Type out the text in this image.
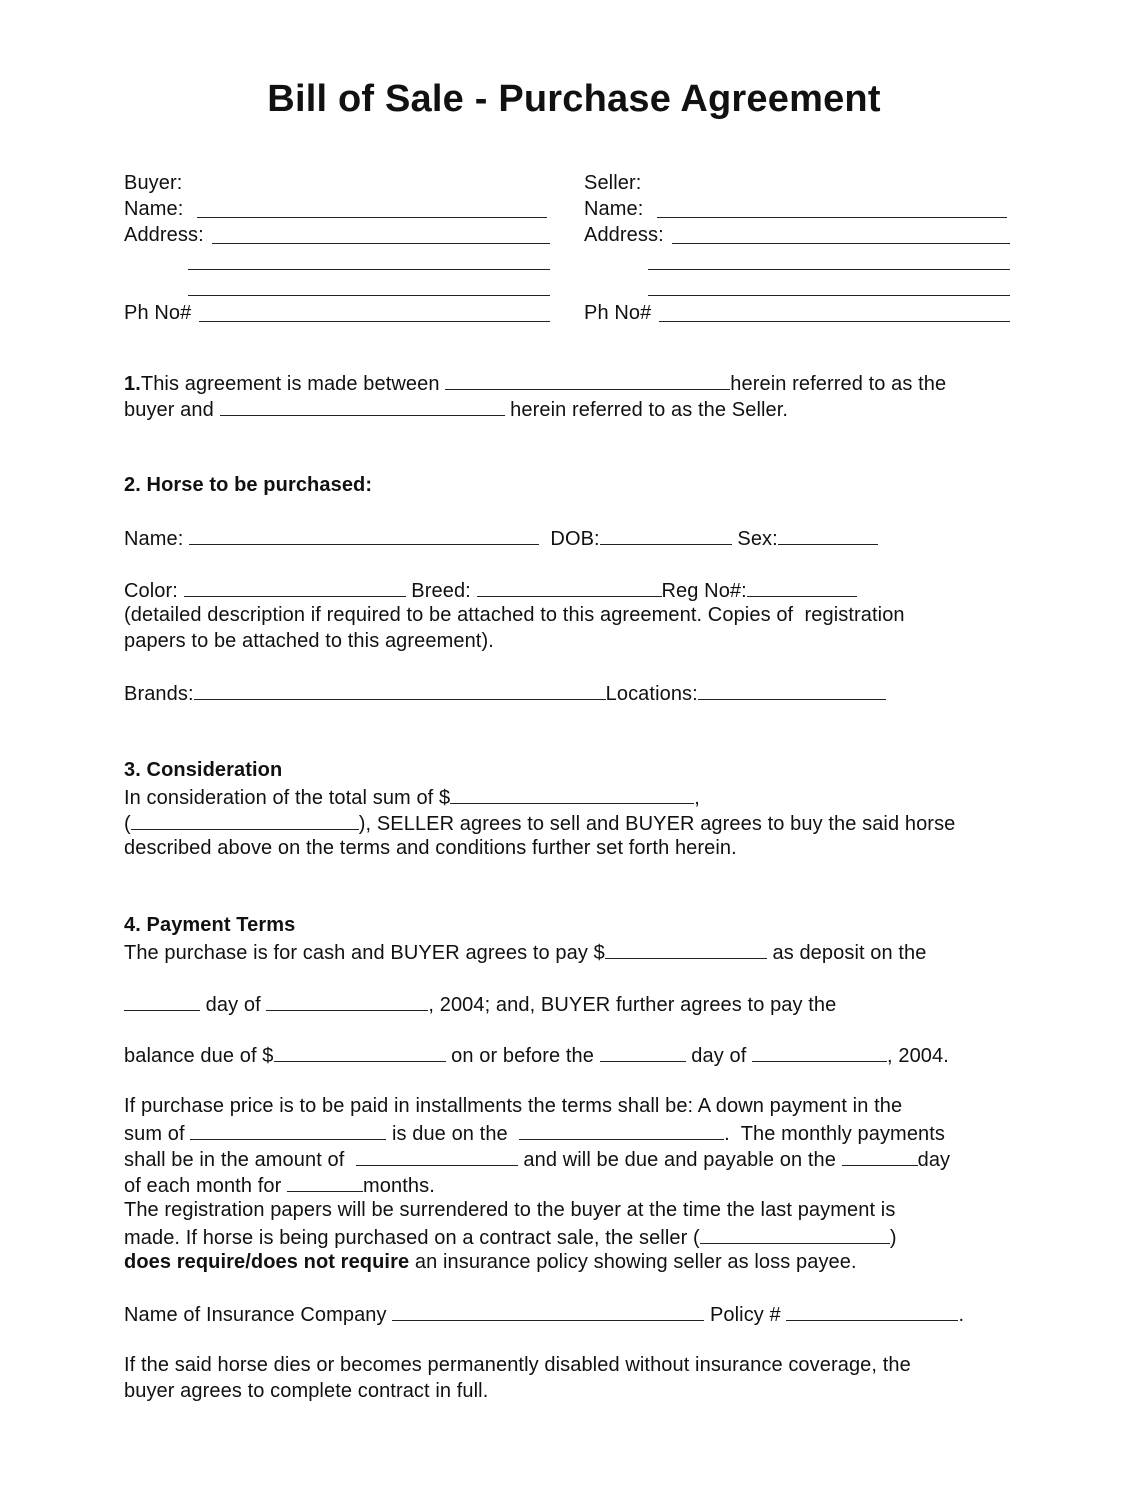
Bill of Sale - Purchase Agreement
Buyer:
Name:
Address:
Ph No#
Seller:
Name:
Address:
Ph No#
1.This agreement is made between	herein referred to as the
buyer and	herein referred to as the Seller.
2. Horse to be purchased:
Name:	DOB:	Sex:
Color:	Breed:	Reg No#:
(detailed description if required to be attached to this agreement. Copies of  registration
papers to be attached to this agreement).
Brands:	Locations:
3. Consideration
In consideration of the total sum of $	,
(	), SELLER agrees to sell and BUYER agrees to buy the said horse
described above on the terms and conditions further set forth herein.
4. Payment Terms
The purchase is for cash and BUYER agrees to pay $	as deposit on the
day of	, 2004; and, BUYER further agrees to pay the
balance due of $	on or before the	day of	, 2004.
If purchase price is to be paid in installments the terms shall be: A down payment in the
sum of	is due on the	.  The monthly payments
shall be in the amount of	and will be due and payable on the	day
of each month for	months.
The registration papers will be surrendered to the buyer at the time the last payment is
made. If horse is being purchased on a contract sale, the seller (	)
does require/does not require an insurance policy showing seller as loss payee.
Name of Insurance Company	Policy #	.
If the said horse dies or becomes permanently disabled without insurance coverage, the
buyer agrees to complete contract in full.
